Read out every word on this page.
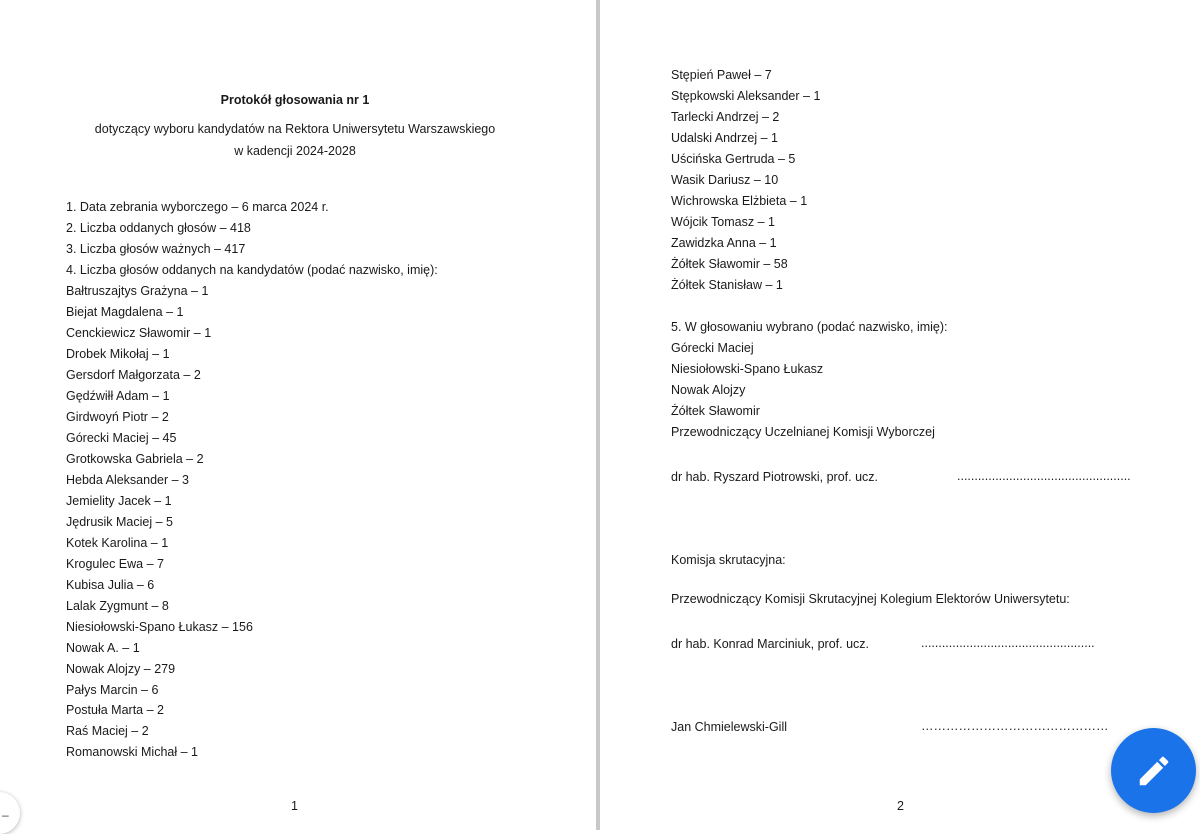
Protokół głosowania nr 1
dotyczący wyboru kandydatów na Rektora Uniwersytetu Warszawskiego
w kadencji 2024-2028
1. Data zebrania wyborczego – 6 marca 2024 r.
2. Liczba oddanych głosów – 418
3. Liczba głosów ważnych – 417
4. Liczba głosów oddanych na kandydatów (podać nazwisko, imię):
Bałtruszajtys Grażyna – 1
Biejat Magdalena – 1
Cenckiewicz Sławomir – 1
Drobek Mikołaj – 1
Gersdorf Małgorzata – 2
Gędźwiłł Adam – 1
Girdwoyń Piotr – 2
Górecki Maciej – 45
Grotkowska Gabriela – 2
Hebda Aleksander – 3
Jemielity Jacek – 1
Jędrusik Maciej – 5
Kotek Karolina – 1
Krogulec Ewa – 7
Kubisa Julia – 6
Lalak Zygmunt – 8
Niesiołowski-Spano Łukasz – 156
Nowak A. – 1
Nowak Alojzy – 279
Pałys Marcin – 6
Postuła Marta – 2
Raś Maciej – 2
Romanowski Michał – 1
1
–
Stępień Paweł – 7
Stępkowski Aleksander – 1
Tarlecki Andrzej – 2
Udalski Andrzej – 1
Uścińska Gertruda – 5
Wasik Dariusz – 10
Wichrowska Elżbieta – 1
Wójcik Tomasz – 1
Zawidzka Anna – 1
Żółtek Sławomir – 58
Żółtek Stanisław – 1
5. W głosowaniu wybrano (podać nazwisko, imię):
Górecki Maciej
Niesiołowski-Spano Łukasz
Nowak Alojzy
Żółtek Sławomir
Przewodniczący Uczelnianej Komisji Wyborczej
dr hab. Ryszard Piotrowski, prof. ucz.	..................................................
Komisja skrutacyjna:
Przewodniczący Komisji Skrutacyjnej Kolegium Elektorów Uniwersytetu:
dr hab. Konrad Marciniuk, prof. ucz.	..................................................
Jan Chmielewski-Gill	………………………………………
2
